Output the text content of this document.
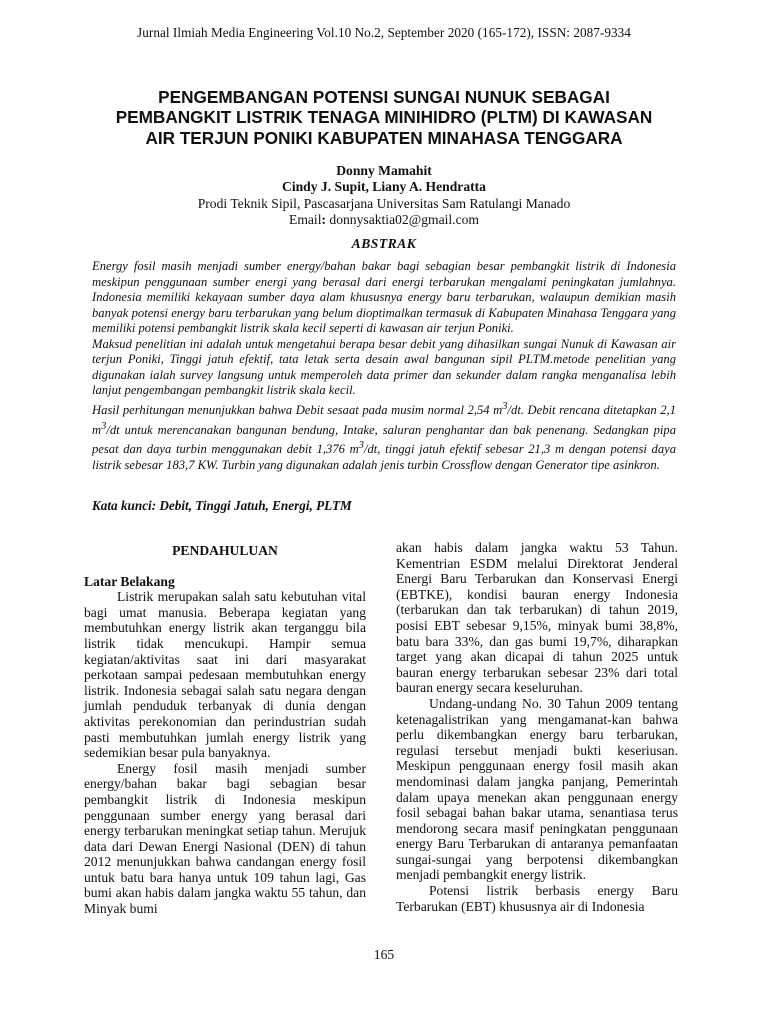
Jurnal Ilmiah Media Engineering Vol.10 No.2, September 2020 (165-172), ISSN: 2087-9334
PENGEMBANGAN POTENSI SUNGAI NUNUK SEBAGAI
PEMBANGKIT LISTRIK TENAGA MINIHIDRO (PLTM) DI KAWASAN
AIR TERJUN PONIKI KABUPATEN MINAHASA TENGGARA
Donny Mamahit
Cindy J. Supit, Liany A. Hendratta
Prodi Teknik Sipil, Pascasarjana Universitas Sam Ratulangi Manado
Email: donnysaktia02@gmail.com
ABSTRAK

Energy fosil masih menjadi sumber energy/bahan bakar bagi sebagian besar pembangkit listrik di Indonesia meskipun penggunaan sumber energi yang berasal dari energi terbarukan mengalami peningkatan jumlahnya. Indonesia memiliki kekayaan sumber daya alam khususnya energy baru terbarukan, walaupun demikian masih banyak potensi energy baru terbarukan yang belum dioptimalkan termasuk di Kabupaten Minahasa Tenggara yang memiliki potensi pembangkit listrik skala kecil seperti di kawasan air terjun Poniki.

Maksud penelitian ini adalah untuk mengetahui berapa besar debit yang dihasilkan sungai Nunuk di Kawasan air terjun Poniki, Tinggi jatuh efektif, tata letak serta desain awal bangunan sipil PLTM.metode penelitian yang digunakan ialah survey langsung untuk memperoleh data primer dan sekunder dalam rangka menganalisa lebih lanjut pengembangan pembangkit listrik skala kecil.

Hasil perhitungan menunjukkan bahwa Debit sesaat pada musim normal 2,54 $m^3/dt$. Debit rencana ditetapkan 2,1 $m^3/dt$ untuk merencanakan bangunan bendung, Intake, saluran penghantar dan bak penenang. Sedangkan pipa pesat dan daya turbin menggunakan debit 1,376 $m^3/dt$, tinggi jatuh efektif sebesar 21,3 m dengan potensi daya listrik sebesar 183,7 KW. Turbin yang digunakan adalah jenis turbin Crossflow dengan Generator tipe asinkron.

Kata kunci: Debit, Tinggi Jatuh, Energi, PLTM
PENDAHULUAN
Latar Belakang

Listrik merupakan salah satu kebutuhan vital bagi umat manusia. Beberapa kegiatan yang membutuhkan energy listrik akan terganggu bila listrik tidak mencukupi. Hampir semua kegiatan/aktivitas saat ini dari masyarakat perkotaan sampai pedesaan membutuhkan energy listrik. Indonesia sebagai salah satu negara dengan jumlah penduduk terbanyak di dunia dengan aktivitas perekonomian dan perindustrian sudah pasti membutuhkan jumlah energy listrik yang sedemikian besar pula banyaknya.

Energy fosil masih menjadi sumber energy/bahan bakar bagi sebagian besar pembangkit listrik di Indonesia meskipun penggunaan sumber energy yang berasal dari energy terbarukan meningkat setiap tahun. Merujuk data dari Dewan Energi Nasional (DEN) di tahun 2012 menunjukkan bahwa candangan energy fosil untuk batu bara hanya untuk 109 tahun lagi, Gas bumi akan habis dalam jangka waktu 55 tahun, dan Minyak bumi

akan habis dalam jangka waktu 53 Tahun. Kementrian ESDM melalui Direktorat Jenderal Energi Baru Terbarukan dan Konservasi Energi (EBTKE), kondisi bauran energy Indonesia (terbarukan dan tak terbarukan) di tahun 2019, posisi EBT sebesar 9,15%, minyak bumi 38,8%, batu bara 33%, dan gas bumi 19,7%, diharapkan target yang akan dicapai di tahun 2025 untuk bauran energy terbarukan sebesar 23% dari total bauran energy secara keseluruhan.

Undang-undang No. 30 Tahun 2009 tentang ketenagalistrikan yang mengamanat-kan bahwa perlu dikembangkan energy baru terbarukan, regulasi tersebut menjadi bukti keseriusan. Meskipun penggunaan energy fosil masih akan mendominasi dalam jangka panjang, Pemerintah dalam upaya menekan akan penggunaan energy fosil sebagai bahan bakar utama, senantiasa terus mendorong secara masif peningkatan penggunaan energy Baru Terbarukan di antaranya pemanfaatan sungai-sungai yang berpotensi dikembangkan menjadi pembangkit energy listrik.

Potensi listrik berbasis energy Baru Terbarukan (EBT) khususnya air di Indonesia

165
